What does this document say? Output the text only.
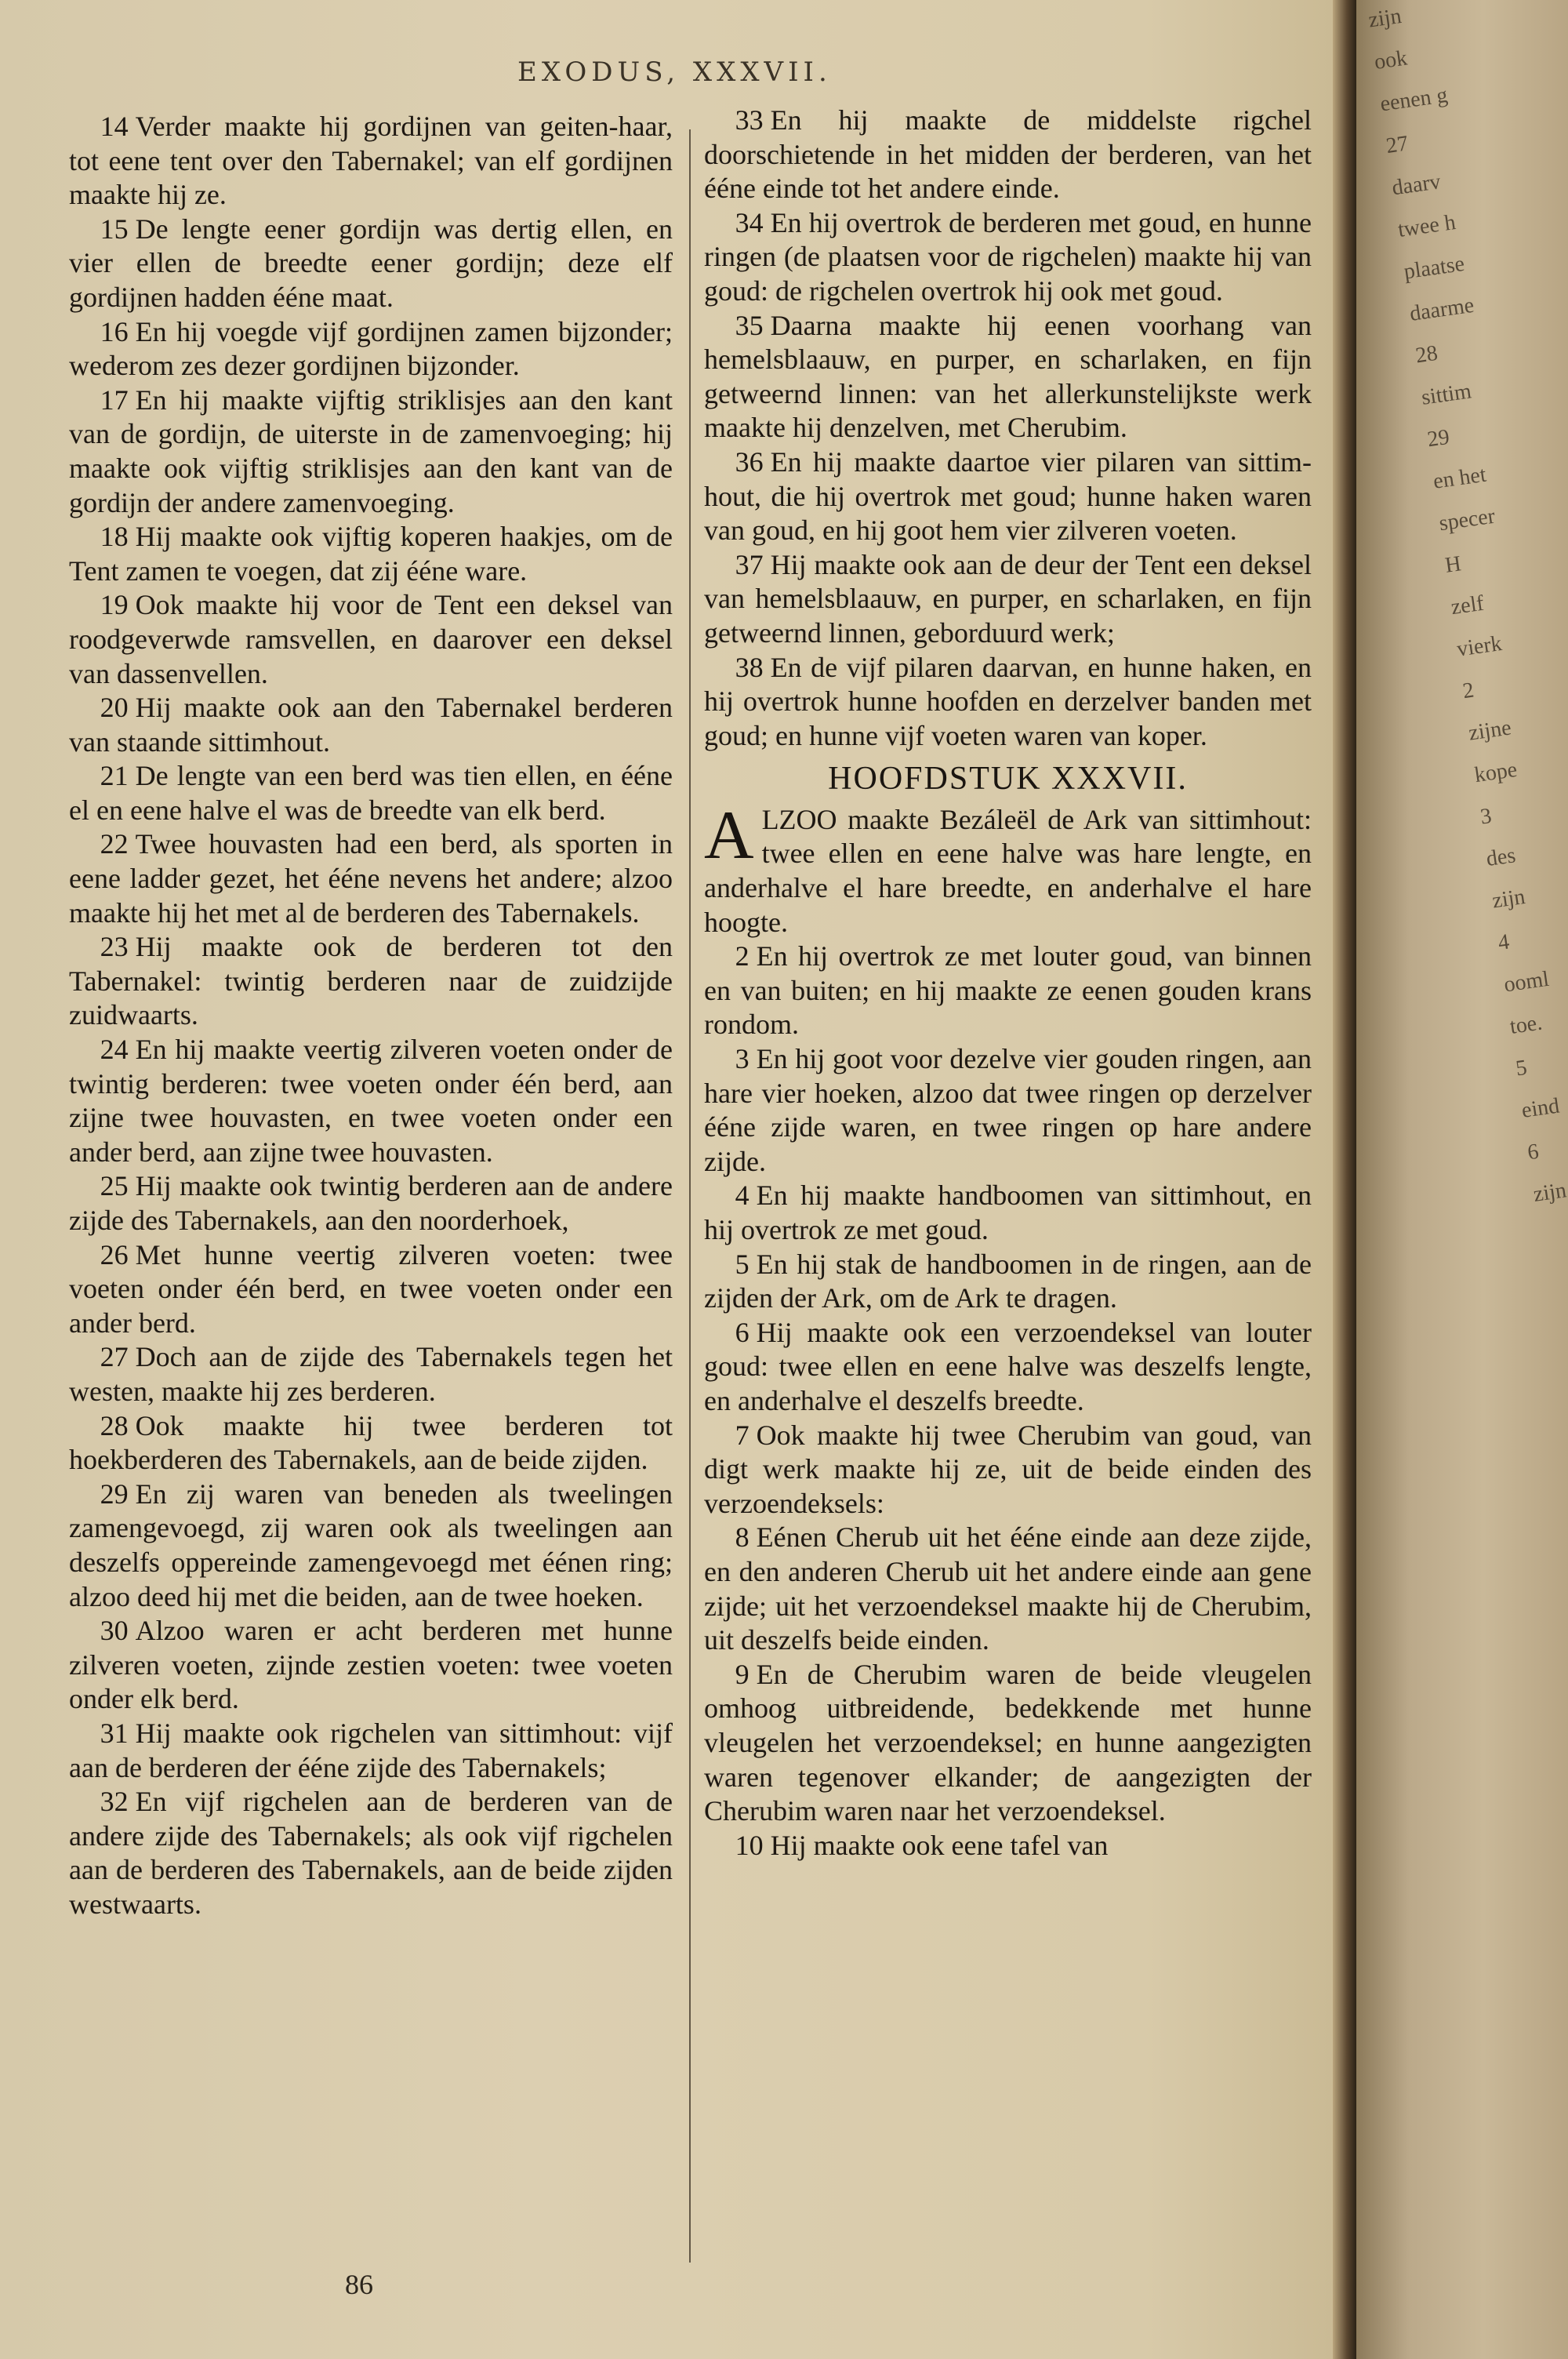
EXODUS, XXXVII.

14 Verder maakte hij gordijnen van geiten-haar, tot eene tent over den Tabernakel; van elf gordijnen maakte hij ze.

15 De lengte eener gordijn was dertig ellen, en vier ellen de breedte eener gordijn; deze elf gordijnen hadden ééne maat.

16 En hij voegde vijf gordijnen zamen bijzonder; wederom zes dezer gordijnen bijzonder.

17 En hij maakte vijftig striklisjes aan den kant van de gordijn, de uiterste in de zamenvoeging; hij maakte ook vijftig striklisjes aan den kant van de gordijn der andere zamenvoeging.

18 Hij maakte ook vijftig koperen haakjes, om de Tent zamen te voegen, dat zij ééne ware.

19 Ook maakte hij voor de Tent een deksel van roodgeverwde ramsvellen, en daarover een deksel van dassenvellen.

20 Hij maakte ook aan den Tabernakel berderen van staande sittimhout.

21 De lengte van een berd was tien ellen, en ééne el en eene halve el was de breedte van elk berd.

22 Twee houvasten had een berd, als sporten in eene ladder gezet, het ééne nevens het andere; alzoo maakte hij het met al de berderen des Tabernakels.

23 Hij maakte ook de berderen tot den Tabernakel: twintig berderen naar de zuidzijde zuidwaarts.

24 En hij maakte veertig zilveren voeten onder de twintig berderen: twee voeten onder één berd, aan zijne twee houvasten, en twee voeten onder een ander berd, aan zijne twee houvasten.

25 Hij maakte ook twintig berderen aan de andere zijde des Tabernakels, aan den noorderhoek,

26 Met hunne veertig zilveren voeten: twee voeten onder één berd, en twee voeten onder een ander berd.

27 Doch aan de zijde des Tabernakels tegen het westen, maakte hij zes berderen.

28 Ook maakte hij twee berderen tot hoekberderen des Tabernakels, aan de beide zijden.

29 En zij waren van beneden als tweelingen zamengevoegd, zij waren ook als tweelingen aan deszelfs oppereinde zamengevoegd met éénen ring; alzoo deed hij met die beiden, aan de twee hoeken.

30 Alzoo waren er acht berderen met hunne zilveren voeten, zijnde zestien voeten: twee voeten onder elk berd.

31 Hij maakte ook rigchelen van sittimhout: vijf aan de berderen der ééne zijde des Tabernakels;

32 En vijf rigchelen aan de berderen van de andere zijde des Tabernakels; als ook vijf rigchelen aan de berderen des Tabernakels, aan de beide zijden westwaarts.

33 En hij maakte de middelste rigchel doorschietende in het midden der berderen, van het ééne einde tot het andere einde.

34 En hij overtrok de berderen met goud, en hunne ringen (de plaatsen voor de rigchelen) maakte hij van goud: de rigchelen overtrok hij ook met goud.

35 Daarna maakte hij eenen voorhang van hemelsblaauw, en purper, en scharlaken, en fijn getweernd linnen: van het allerkunstelijkste werk maakte hij denzelven, met Cherubim.

36 En hij maakte daartoe vier pilaren van sittim-hout, die hij overtrok met goud; hunne haken waren van goud, en hij goot hem vier zilveren voeten.

37 Hij maakte ook aan de deur der Tent een deksel van hemelsblaauw, en purper, en scharlaken, en fijn getweernd linnen, geborduurd werk;

38 En de vijf pilaren daarvan, en hunne haken, en hij overtrok hunne hoofden en derzelver banden met goud; en hunne vijf voeten waren van koper.

HOOFDSTUK XXXVII.

ALZOO maakte Bezáleël de Ark van sittimhout: twee ellen en eene halve was hare lengte, en anderhalve el hare breedte, en anderhalve el hare hoogte.

2 En hij overtrok ze met louter goud, van binnen en van buiten; en hij maakte ze eenen gouden krans rondom.

3 En hij goot voor dezelve vier gouden ringen, aan hare vier hoeken, alzoo dat twee ringen op derzelver ééne zijde waren, en twee ringen op hare andere zijde.

4 En hij maakte handboomen van sittimhout, en hij overtrok ze met goud.

5 En hij stak de handboomen in de ringen, aan de zijden der Ark, om de Ark te dragen.

6 Hij maakte ook een verzoendeksel van louter goud: twee ellen en eene halve was deszelfs lengte, en anderhalve el deszelfs breedte.

7 Ook maakte hij twee Cherubim van goud, van digt werk maakte hij ze, uit de beide einden des verzoendeksels:

8 Eénen Cherub uit het ééne einde aan deze zijde, en den anderen Cherub uit het andere einde aan gene zijde; uit het verzoendeksel maakte hij de Cherubim, uit deszelfs beide einden.

9 En de Cherubim waren de beide vleugelen omhoog uitbreidende, bedekkende met hunne vleugelen het verzoendeksel; en hunne aangezigten waren tegenover elkander; de aangezigten der Cherubim waren naar het verzoendeksel.

10 Hij maakte ook eene tafel van

86
zijn
ook
eenen g
27
daarv
twee h
plaatse
daarme
28
sittim
29
en het
specer
H
zelf
vierk
2
zijne
kope
3
des
zijn
4
ooml
toe.
5
eind
6
zijn
